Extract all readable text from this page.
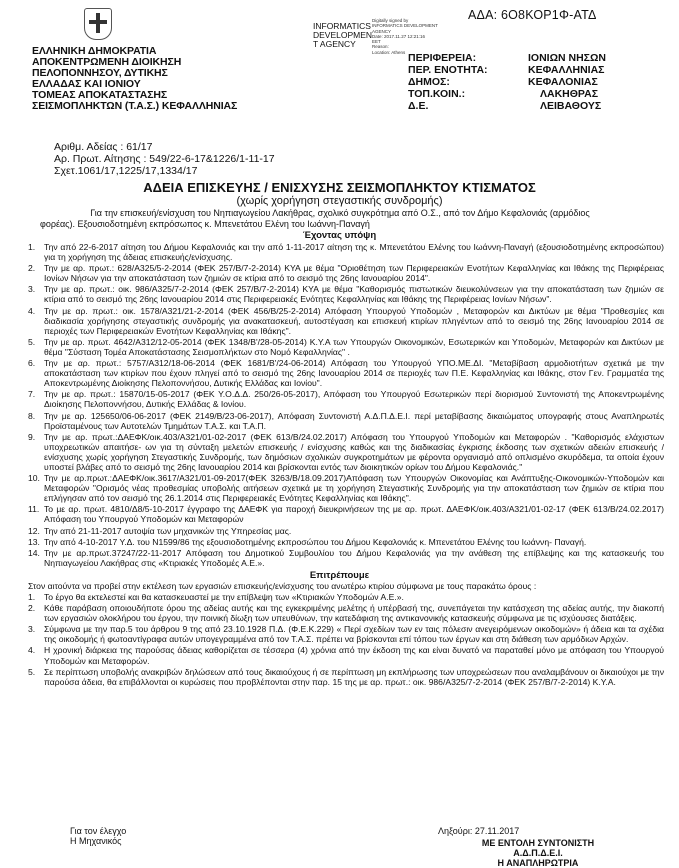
ΕΛΛΗΝΙΚΗ ΔΗΜΟΚΡΑΤΙΑ
ΑΠΟΚΕΝΤΡΩΜΕΝΗ ΔΙΟΙΚΗΣΗ
ΠΕΛΟΠΟΝΝΗΣΟΥ, ΔΥΤΙΚΗΣ
ΕΛΛΑΔΑΣ ΚΑΙ ΙΟΝΙΟΥ
ΤΟΜΕΑΣ ΑΠΟΚΑΤΑΣΤΑΣΗΣ
ΣΕΙΣΜΟΠΛΗΚΤΩΝ (Τ.Α.Σ.) ΚΕΦΑΛΛΗΝΙΑΣ
ΑΔΑ: 6Ο8ΚΟΡ1Φ-ΑΤΔ
INFORMATICS
DEVELOPMEN
T AGENCY
Digitally signed by
INFORMATICS DEVELOPMENT AGENCY
Date: 2017.11.27 12:21:16
EET
Reason:
Location: Athens ΠΕΡΙΦΕΡΕΙΑ:	ΙΟΝΙΩΝ ΝΗΣΩΝ
ΠΕΡ. ΕΝΟΤΗΤΑ:	ΚΕΦΑΛΛΗΝΙΑΣ
ΔΗΜΟΣ:	ΚΕΦΑΛΟΝΙΑΣ
ΤΟΠ.ΚΟΙΝ.:	ΛΑΚΗΘΡΑΣ
Δ.Ε.	ΛΕΙΒΑΘΟΥΣ
Αριθμ. Αδείας : 61/17
Αρ. Πρωτ. Αίτησης : 549/22-6-17&1226/1-11-17
Σχετ.1061/17,1225/17,1334/17
ΑΔΕΙΑ ΕΠΙΣΚΕΥΗΣ / ΕΝΙΣΧΥΣΗΣ ΣΕΙΣΜΟΠΛΗΚΤΟΥ ΚΤΙΣΜΑΤΟΣ
(χωρίς χορήγηση στεγαστικής συνδρομής)
Για την επισκευή/ενίσχυση του Νηπιαγωγείου Λακήθρας, σχολικό συγκρότημα από Ο.Σ., από τον Δήμο Κεφαλονιάς (αρμόδιος
φορέας). Εξουσιοδοτημένη εκπρόσωπος κ. Μπενετάτου Ελένη του Ιωάννη-Παναγή
Έχοντας υπόψη
1. Την από 22-6-2017 αίτηση του Δήμου Κεφαλονιάς και την από 1-11-2017 αίτηση της κ. Μπενετάτου Ελένης του Ιωάννη-Παναγή (εξουσιοδοτημένης εκπροσώπου) για τη χορήγηση της άδειας επισκευής/ενίσχυσης.
2. Την με αρ. πρωτ.: 628/Α325/5-2-2014 (ΦΕΚ 257/Β/7-2-2014) ΚΥΑ με θέμα "Οριοθέτηση των Περιφερειακών Ενοτήτων Κεφαλληνίας και Ιθάκης της Περιφέρειας Ιονίων Νήσων για την αποκατάσταση των ζημιών σε κτίρια από το σεισμό της 26ης Ιανουαρίου 2014".
3. Την με αρ. πρωτ.: οικ. 986/Α325/7-2-2014 (ΦΕΚ 257/Β/7-2-2014) ΚΥΑ με θέμα "Καθορισμός πιστωτικών διευκολύνσεων για την αποκατάσταση των ζημιών σε κτίρια από το σεισμό της 26ης Ιανουαρίου 2014 στις Περιφερειακές Ενότητες Κεφαλληνίας και Ιθάκης της Περιφέρειας Ιονίων Νήσων".
4. Την με αρ. πρωτ.: οικ. 1578/Α321/21-2-2014 (ΦΕΚ 456/Β/25-2-2014) Απόφαση Υπουργού Υποδομών , Μεταφορών και Δικτύων με θέμα "Προθεσμίες και διαδικασία χορήγησης στεγαστικής συνδρομής για ανακατασκευή, αυτοστέγαση και επισκευή κτιρίων πληγέντων από το σεισμό της 26ης Ιανουαρίου 2014 σε περιοχές των Περιφερειακών Ενοτήτων Κεφαλληνίας και Ιθάκης".
5. Την με αρ. πρωτ. 4642/Α312/12-05-2014 (ΦΕΚ 1348/Β'/28-05-2014) Κ.Υ.Α των Υπουργών Οικονομικών, Εσωτερικών και Υποδομών, Μεταφορών και Δικτύων με θέμα "Σύσταση Τομέα Αποκατάστασης Σεισμοπλήκτων στο Νομό Κεφαλληνίας" .
6. Την με αρ. πρωτ.: 5757/Α312/18-06-2014 (ΦΕΚ 1681/Β'/24-06-2014) Απόφαση του Υπουργού ΥΠΟ.ΜΕ.ΔΙ. "Μεταβίβαση αρμοδιοτήτων σχετικά με την αποκατάσταση των κτιρίων που έχουν πληγεί από το σεισμό της 26ης Ιανουαρίου 2014 σε περιοχές των Π.Ε. Κεφαλληνίας και Ιθάκης, στον Γεν. Γραμματέα της Αποκεντρωμένης Διοίκησης Πελοποννήσου, Δυτικής Ελλάδας και Ιονίου".
7. Την με αρ. πρωτ.: 15870/15-05-2017 (ΦΕΚ Υ.Ο.Δ.Δ. 250/26-05-2017), Απόφαση του Υπουργού Εσωτερικών περί διορισμού Συντονιστή της Αποκεντρωμένης Διοίκησης Πελοποννήσου, Δυτικής Ελλάδας & Ιονίου.
8. Την με αρ. 125650/06-06-2017 (ΦΕΚ 2149/Β/23-06-2017), Απόφαση Συντονιστή Α.Δ.Π.Δ.Ε.Ι. περί μεταβίβασης δικαιώματος υπογραφής στους Αναπληρωτές Προϊσταμένους των Αυτοτελών Τμημάτων Τ.Α.Σ. και Τ.Α.Π.
9. Την με αρ. πρωτ.:ΔΑΕΦΚ/οικ.403/Α321/01-02-2017 (ΦΕΚ 613/Β/24.02.2017) Απόφαση του Υπουργού Υποδομών και Μεταφορών . "Καθορισμός ελάχιστων υποχρεωτικών απαιτήσε- ων για τη σύνταξη μελετών επισκευής / ενίσχυσης καθώς και της διαδικασίας έγκρισης έκδοσης των σχετικών αδειών επισκευής / ενίσχυσης χωρίς χορήγηση Στεγαστικής Συνδρομής, των δημόσιων σχολικών συγκροτημάτων με φέροντα οργανισμό από οπλισμένο σκυρόδεμα, τα οποία έχουν υποστεί βλάβες από το σεισμό της 26ης Ιανουαρίου 2014 και βρίσκονται εντός των διοικητικών ορίων του Δήμου Κεφαλονιάς."
10. Την με αρ.πρωτ.:ΔΑΕΦΚ/οικ.3617/Α321/01-09-2017(ΦΕΚ 3263/Β/18.09.2017)Απόφαση των Υπουργών Οικονομίας και Ανάπτυξης-Οικονομικών-Υποδομών και Μεταφορών "Ορισμός νέας προθεσμίας υποβολής αιτήσεων σχετικά με τη χορήγηση Στεγαστικής Συνδρομής για την αποκατάσταση των ζημιών σε κτίρια που επλήγησαν από τον σεισμό της 26.1.2014 στις Περιφερειακές Ενότητες Κεφαλληνίας και Ιθάκης".
11. Το με αρ. πρωτ. 4810/Δ8/5-10-2017 έγγραφο της ΔΑΕΦΚ για παροχή διευκρινήσεων της με αρ. πρωτ. ΔΑΕΦΚ/οικ.403/Α321/01-02-17 (ΦΕΚ 613/Β/24.02.2017) Απόφαση του Υπουργού Υποδομών και Μεταφορών
12. Την από 21-11-2017 αυτοψία των μηχανικών της Υπηρεσίας μας.
13. Την από 4-10-2017 Υ.Δ. του Ν1599/86 της εξουσιοδοτημένης εκπροσώπου του Δήμου Κεφαλονιάς κ. Μπενετάτου Ελένης του Ιωάννη- Παναγή.
14. Την με αρ.πρωτ.37247/22-11-2017 Απόφαση του Δημοτικού Συμβουλίου του Δήμου Κεφαλονιάς για την ανάθεση της επίβλεψης και της κατασκευής του Νηπιαγωγείου Λακήθρας στις «Κτιριακές Υποδομές Α.Ε.».
Επιτρέπουμε
Στον αιτούντα να προβεί στην εκτέλεση των εργασιών επισκευής/ενίσχυσης του ανωτέρω κτιρίου σύμφωνα με τους παρακάτω όρους :
1. Το έργο θα εκτελεστεί και θα κατασκευαστεί με την επίβλεψη των «Κτιριακών Υποδομών Α.Ε.».
2. Κάθε παράβαση οποιουδήποτε όρου της αδείας αυτής και της εγκεκριμένης μελέτης ή υπέρβασή της, συνεπάγεται την κατάσχεση της αδείας αυτής, την διακοπή των εργασιών ολοκλήρου του έργου, την ποινική δίωξη των υπευθύνων, την κατεδάφιση της αντικανονικής κατασκευής σύμφωνα με τις ισχύουσες διατάξεις.
3. Σύμφωνα με την παρ.5 του άρθρου 9 της από 23.10.1928 Π.Δ. (Φ.Ε.Κ.229) « Περί σχεδίων των εν ταις πόλεσιν ανεγειρόμενων οικοδομών» ή άδεια και τα σχέδια της οικοδομής ή φωτοαντίγραφα αυτών υπογεγραμμένα από τον Τ.Α.Σ. πρέπει να βρίσκονται επί τόπου των έργων και στη διάθεση των αρμόδιων Αρχών.
4. Η χρονική διάρκεια της παρούσας άδειας καθορίζεται σε τέσσερα (4) χρόνια από την έκδοση της και είναι δυνατό να παραταθεί μόνο με απόφαση του Υπουργού Υποδομών και Μεταφορών.
5. Σε περίπτωση υποβολής ανακριβών δηλώσεων από τους δικαιούχους ή σε περίπτωση μη εκπλήρωσης των υποχρεώσεων που αναλαμβάνουν οι δικαιούχοι με την παρούσα άδεια, θα επιβάλλονται οι κυρώσεις που προβλέπονται στην παρ. 15 της με αρ. πρωτ.: οικ. 986/Α325/7-2-2014 (ΦΕΚ 257/Β/7-2-2014) Κ.Υ.Α.
Για τον έλεγχο
Η Μηχανικός
Ληξούρι: 27.11.2017
ΜΕ ΕΝΤΟΛΗ ΣΥΝΤΟΝΙΣΤΗ
Α.Δ.Π.Δ.Ε.Ι.
Η ΑΝΑΠΛΗΡΩΤΡΙΑ
